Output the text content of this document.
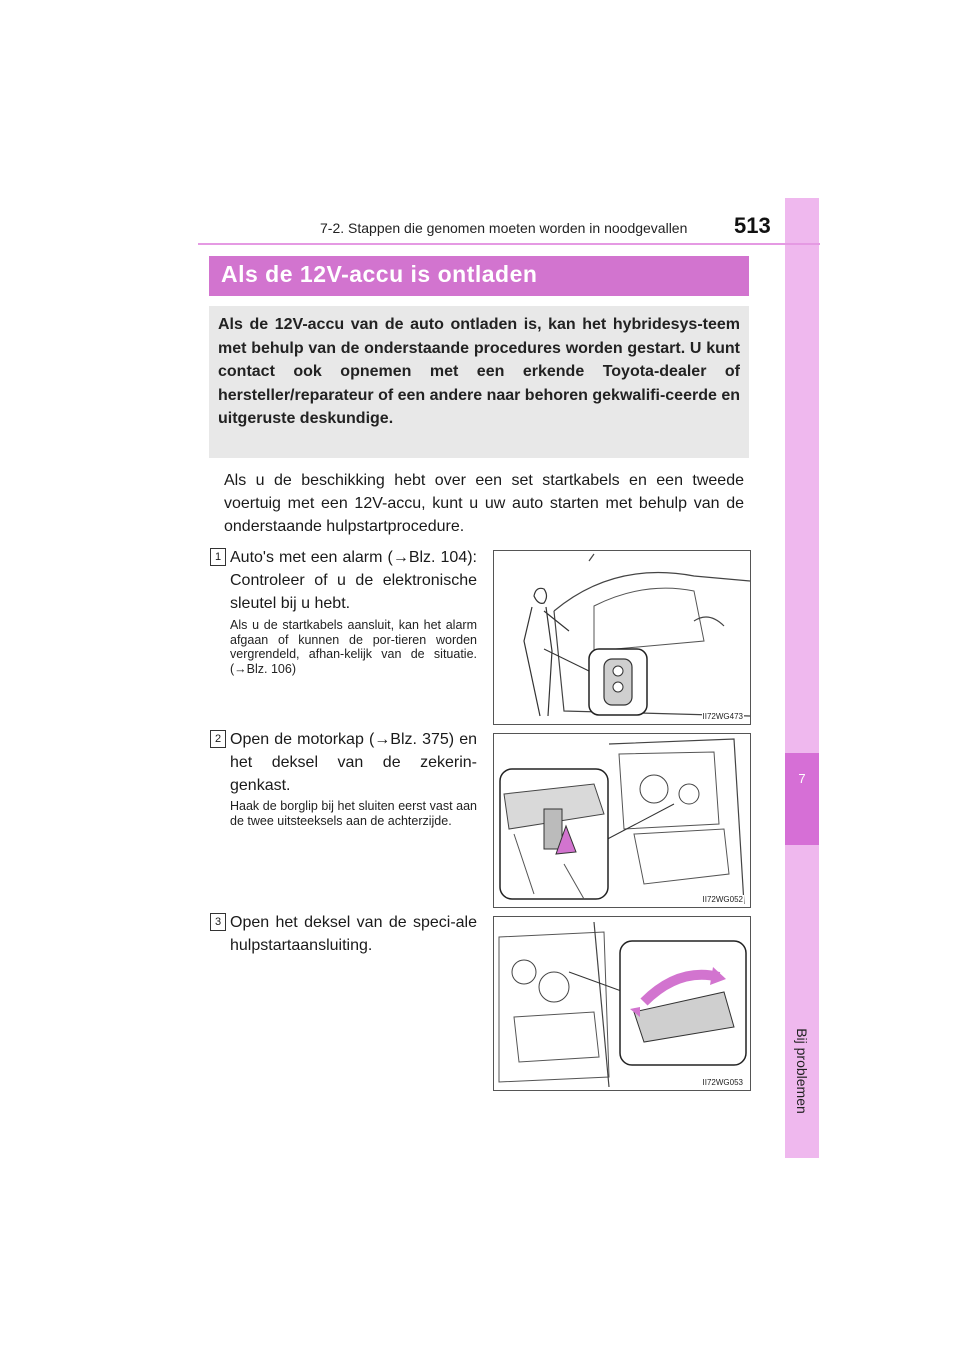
7
Bij problemen
7-2. Stappen die genomen moeten worden in noodgevallen 513
Als de 12V-accu is ontladen

Als de 12V-accu van de auto ontladen is, kan het hybridesys-teem met behulp van de onderstaande procedures worden gestart. U kunt contact ook opnemen met een erkende Toyota-dealer of hersteller/reparateur of een andere naar behoren gekwalifi-ceerde en uitgeruste deskundige.

Als u de beschikking hebt over een set startkabels en een tweede voertuig met een 12V-accu, kunt u uw auto starten met behulp van de onderstaande hulpstartprocedure.

1 Auto's met een alarm (→Blz. 104): Controleer of u de elektronische sleutel bij u hebt.

Als u de startkabels aansluit, kan het alarm afgaan of kunnen de por-tieren worden vergrendeld, afhan-kelijk van de situatie. (→Blz. 106)

II72WG473
2 Open de motorkap (→Blz. 375) en het deksel van de zekerin-genkast.

Haak de borglip bij het sluiten eerst vast aan de twee uitsteeksels aan de achterzijde.

II72WG052
3 Open het deksel van de speci-ale hulpstartaansluiting.

II72WG053
